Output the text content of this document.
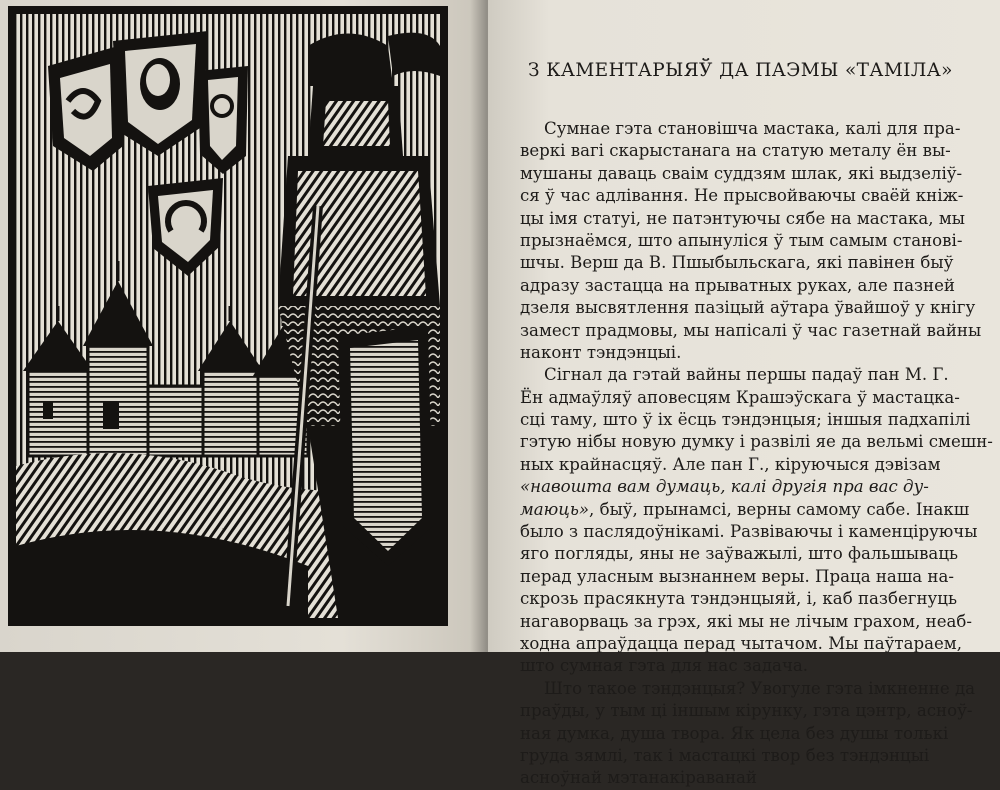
З КАМЕНТАРЫЯЎ ДА ПАЭМЫ «ТАМІЛА»
Сумнае гэта становішча мастака, калі для пра-
веркі вагі скарыстанага на статую металу ён вы-
мушаны даваць сваім суддзям шлак, які выдзеліў-
ся ў час адлівання. Не прысвойваючы сваёй кніж-
цы імя статуі, не патэнтуючы сябе на мастака, мы
прызнаёмся, што апынуліся ў тым самым станові-
шчы. Верш да В. Пшыбыльскага, які павінен быў
адразу застацца на прыватных руках, але пазней
дзеля высвятлення пазіцый аўтара ўвайшоў у кнігу
замест прадмовы, мы напісалі ў час газетнай вайны
наконт тэндэнцыі.
Сігнал да гэтай вайны першы падаў пан М. Г.
Ён адмаўляў аповесцям Крашэўскага ў мастацка-
сці таму, што ў іх ёсць тэндэнцыя; іншыя падхапілі
гэтую нібы новую думку і развілі яе да вельмі смешн-
ных крайнасцяў. Але пан Г., кіруючыся дэвізам
«навошта вам думаць, калі другія пра вас ду-
маюць», быў, прынамсі, верны самому сабе. Інакш
было з паслядоўнікамі. Развіваючы і каменціруючы
яго погляды, яны не заўважылі, што фальшываць
перад уласным вызнаннем веры. Праца наша на-
скрозь прасякнута тэндэнцыяй, і, каб пазбегнуць
нагаворваць за грэх, які мы не лічым грахом, неаб-
ходна апраўдацца перад чытачом. Мы паўтараем,
што сумная гэта для нас задача.
Што такое тэндэнцыя? Увогуле гэта імкненне да
праўды, у тым ці іншым кірунку, гэта цэнтр, асноў-
ная думка, душа твора. Як цела без душы толькі
груда зямлі, так і мастацкі твор без тэндэнцыі
асноўнай мэтанакіраванай
